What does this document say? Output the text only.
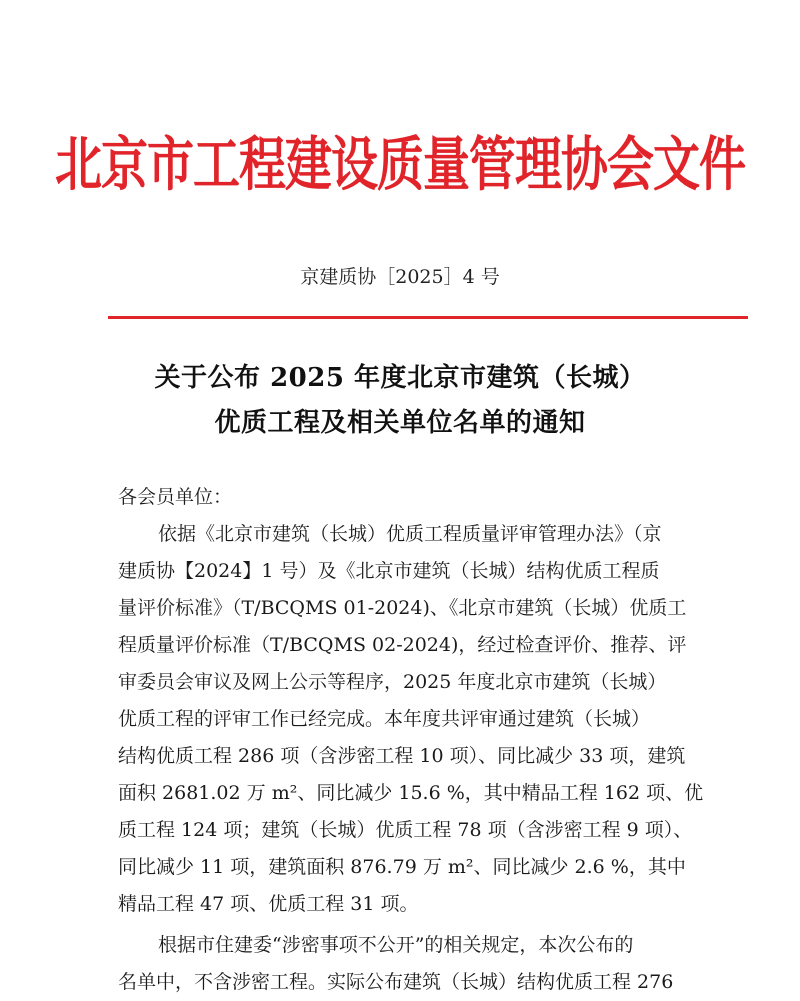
北京市工程建设质量管理协会文件
京建质协［2025］4 号
关于公布 2025 年度北京市建筑（长城）
优质工程及相关单位名单的通知
各会员单位：
依据《北京市建筑（长城）优质工程质量评审管理办法》（京
建质协【2024】1 号）及《北京市建筑（长城）结构优质工程质
量评价标准》（T/BCQMS 01-2024)、《北京市建筑（长城）优质工
程质量评价标准（T/BCQMS 02-2024)，经过检查评价、推荐、评
审委员会审议及网上公示等程序，2025 年度北京市建筑（长城）
优质工程的评审工作已经完成。本年度共评审通过建筑（长城）
结构优质工程 286 项（含涉密工程 10 项）、同比减少 33 项，建筑
面积 2681.02 万 m²、同比减少 15.6 %，其中精品工程 162 项、优
质工程 124 项；建筑（长城）优质工程 78 项（含涉密工程 9 项）、
同比减少 11 项，建筑面积 876.79 万 m²、同比减少 2.6 %，其中
精品工程 47 项、优质工程 31 项。
根据市住建委“涉密事项不公开”的相关规定，本次公布的
名单中，不含涉密工程。实际公布建筑（长城）结构优质工程 276
